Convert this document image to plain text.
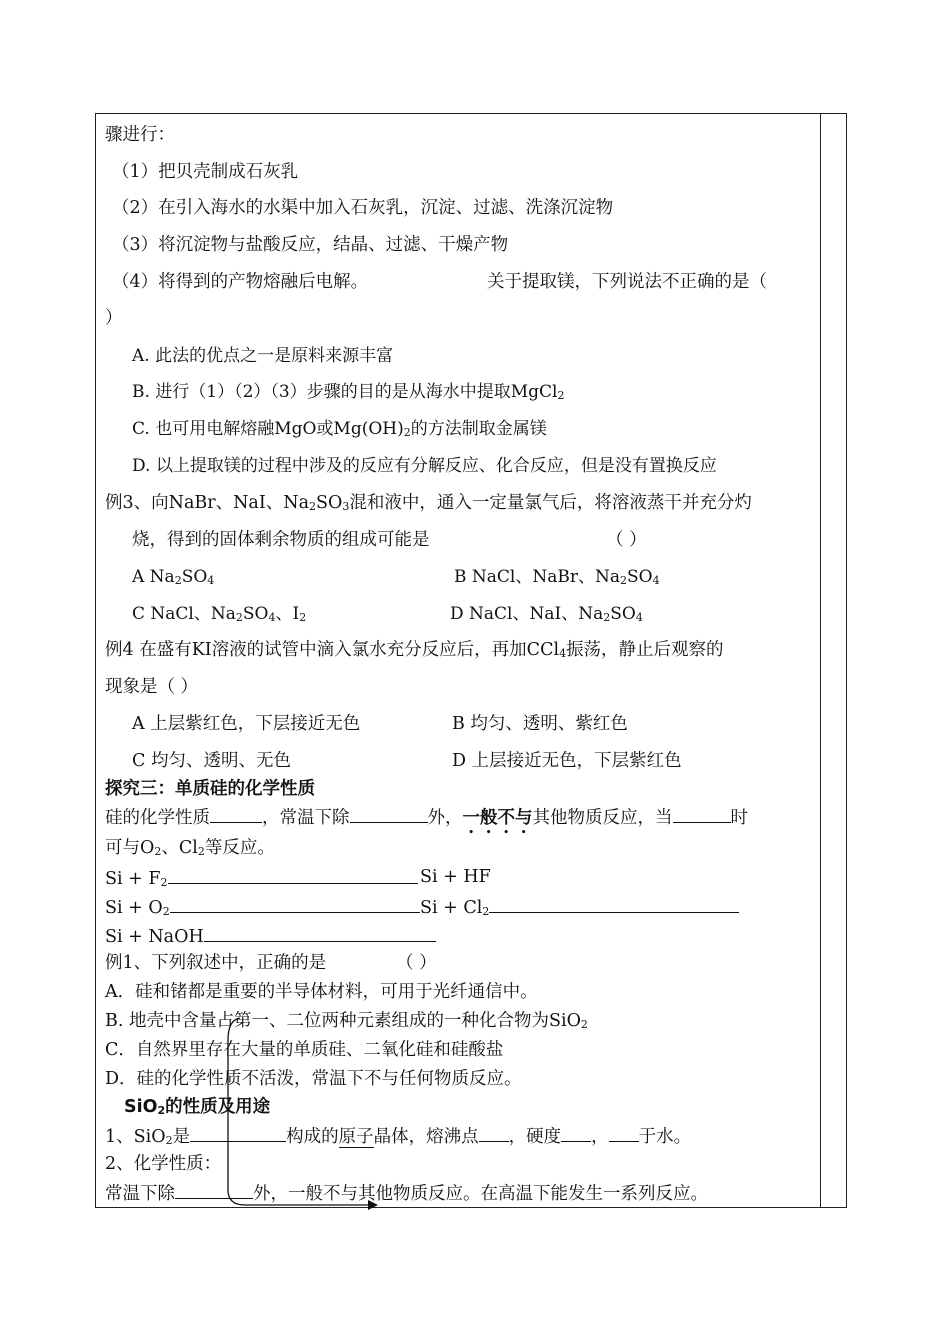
骤进行：
（1）把贝壳制成石灰乳
（2）在引入海水的水渠中加入石灰乳，沉淀、过滤、洗涤沉淀物
（3）将沉淀物与盐酸反应，结晶、过滤、干燥产物
（4）将得到的产物熔融后电解。	关于提取镁，下列说法不正确的是（
）
A. 此法的优点之一是原料来源丰富
B. 进行（1）（2）（3）步骤的目的是从海水中提取MgCl$_2$
C. 也可用电解熔融MgO或$Mg(OH)_2$的方法制取金属镁
D. 以上提取镁的过程中涉及的反应有分解反应、化合反应，但是没有置换反应
例3、向NaBr、NaI、$Na_2SO_3$混和液中，通入一定量氯气后，将溶液蒸干并充分灼
烧，得到的固体剩余物质的组成可能是	（ ）
A $Na_2SO_4$	B NaCl、NaBr、$Na_2SO_4$
C NaCl、$Na_2SO_4$、$I_2$	D NaCl、NaI、$Na_2SO_4$
例4 在盛有KI溶液的试管中滴入氯水充分反应后，再加CCl$_4$振荡，静止后观察的
现象是（ ）
A 上层紫红色，下层接近无色	B 均匀、透明、紫红色
C 均匀、透明、无色	D 上层接近无色，下层紫红色
探究三：单质硅的化学性质
硅的化学性质	，常温下除	外，一般不与其他物质反应，当	时
可与$O_2$、$Cl_2$等反应。
$Si + F_2$	Si + HF
$Si + O_2$	$Si + Cl_2$
Si + NaOH
例1、下列叙述中，正确的是	（ ）
A．硅和锗都是重要的半导体材料，可用于光纤通信中。
B. 地壳中含量占第一、二位两种元素组成的一种化合物为SiO$_2$
C．自然界里存在大量的单质硅、二氧化硅和硅酸盐
D．硅的化学性质不活泼，常温下不与任何物质反应。
SiO$_2$的性质及用途
1、SiO$_2$是	构成的原子晶体，熔沸点 ，硬度 ， 于水。
2、化学性质：
常温下除	外，一般不与其他物质反应。在高温下能发生一系列反应。
